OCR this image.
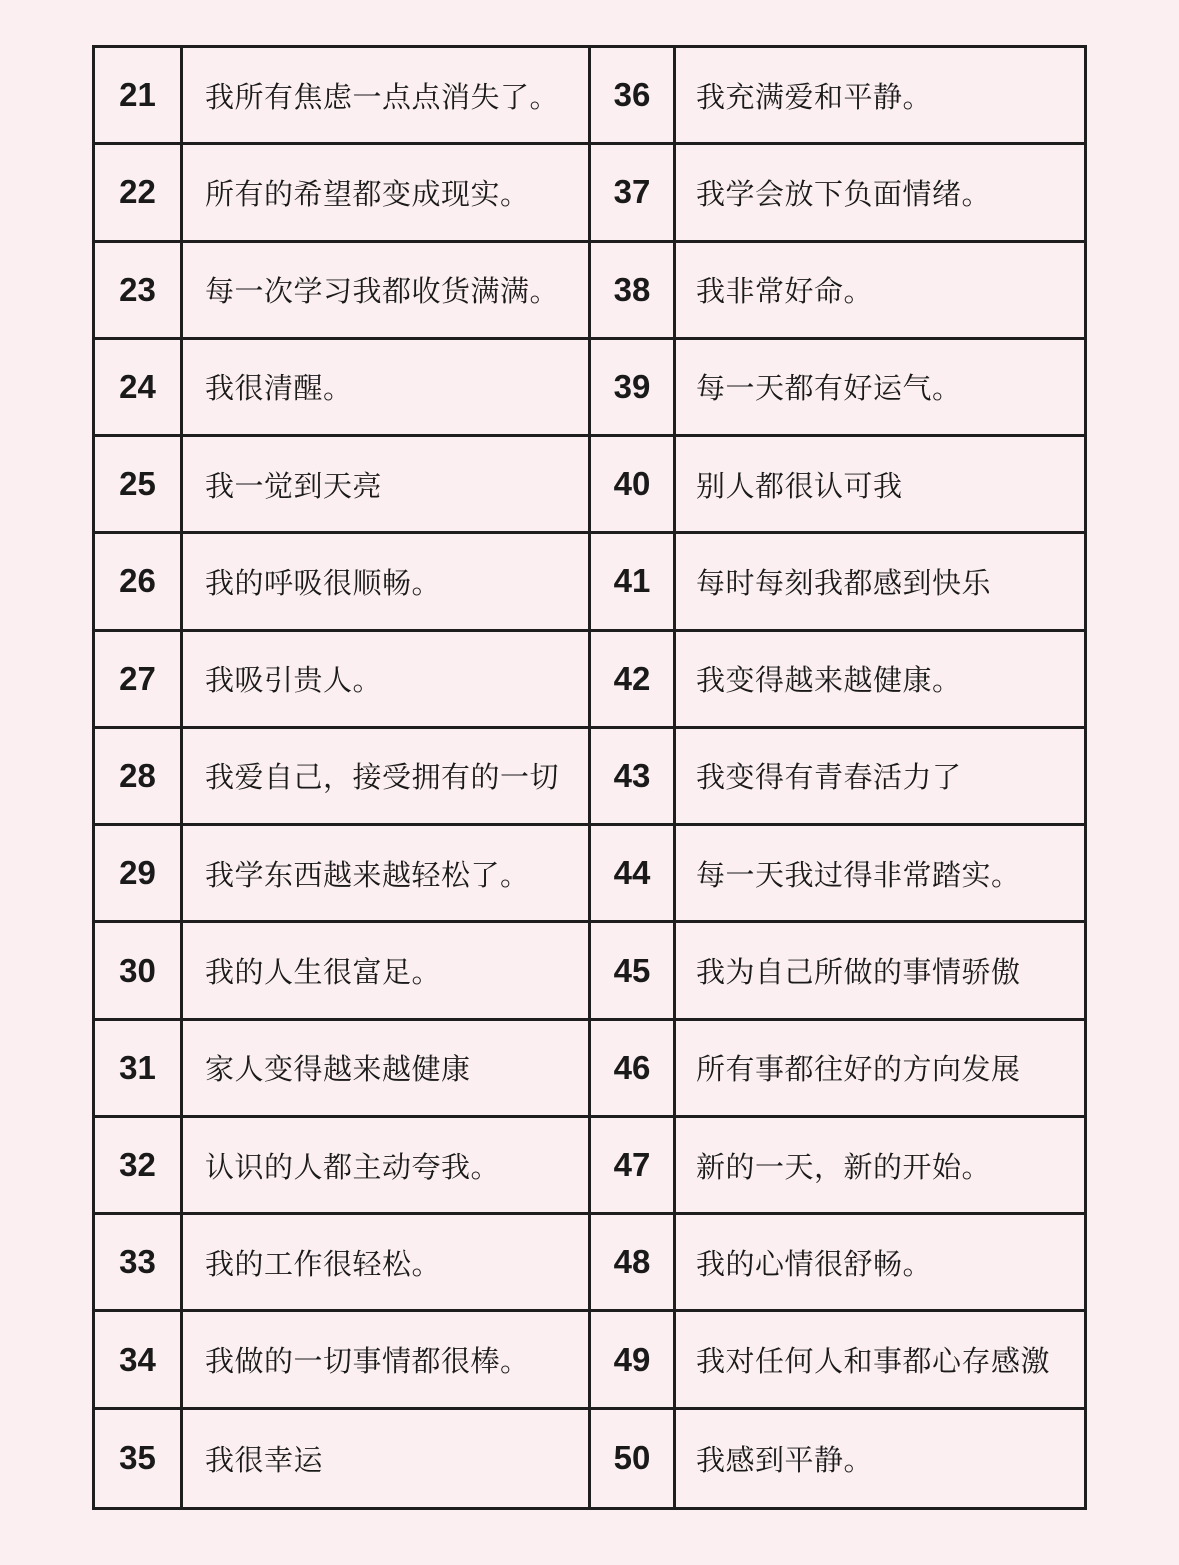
21	我所有焦虑一点点消失了。	36	我充满爱和平静。
22	所有的希望都变成现实。	37	我学会放下负面情绪。
23	每一次学习我都收货满满。	38	我非常好命。
24	我很清醒。	39	每一天都有好运气。
25	我一觉到天亮	40	别人都很认可我
26	我的呼吸很顺畅。	41	每时每刻我都感到快乐
27	我吸引贵人。	42	我变得越来越健康。
28	我爱自己，接受拥有的一切	43	我变得有青春活力了
29	我学东西越来越轻松了。	44	每一天我过得非常踏实。
30	我的人生很富足。	45	我为自己所做的事情骄傲
31	家人变得越来越健康	46	所有事都往好的方向发展
32	认识的人都主动夸我。	47	新的一天，新的开始。
33	我的工作很轻松。	48	我的心情很舒畅。
34	我做的一切事情都很棒。	49	我对任何人和事都心存感激
35	我很幸运	50	我感到平静。
